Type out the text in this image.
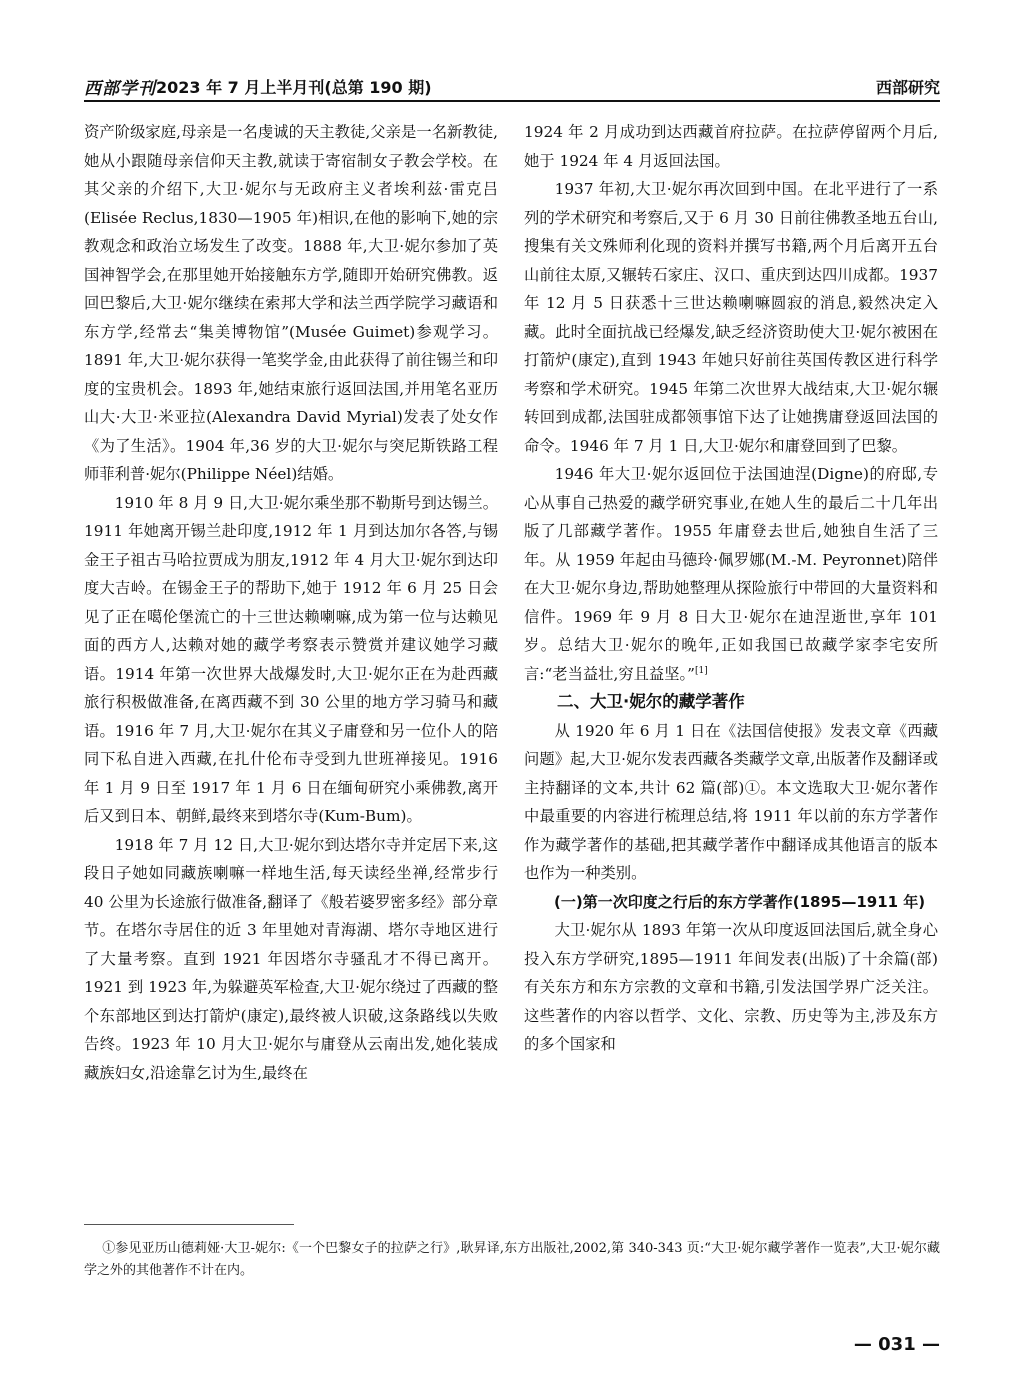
西部学刊 2023 年 7 月上半月刊(总第 190 期)	西部研究

资产阶级家庭,母亲是一名虔诚的天主教徒,父亲是一名新教徒,她从小跟随母亲信仰天主教,就读于寄宿制女子教会学校。在其父亲的介绍下,大卫·妮尔与无政府主义者埃利兹·雷克吕(Elisée Reclus,1830—1905 年)相识,在他的影响下,她的宗教观念和政治立场发生了改变。1888 年,大卫·妮尔参加了英国神智学会,在那里她开始接触东方学,随即开始研究佛教。返回巴黎后,大卫·妮尔继续在索邦大学和法兰西学院学习藏语和东方学,经常去“集美博物馆”(Musée Guimet)参观学习。1891 年,大卫·妮尔获得一笔奖学金,由此获得了前往锡兰和印度的宝贵机会。1893 年,她结束旅行返回法国,并用笔名亚历山大·大卫·米亚拉(Alexandra David Myrial)发表了处女作《为了生活》。1904 年,36 岁的大卫·妮尔与突尼斯铁路工程师菲利普·妮尔(Philippe Néel)结婚。

1910 年 8 月 9 日,大卫·妮尔乘坐那不勒斯号到达锡兰。1911 年她离开锡兰赴印度,1912 年 1 月到达加尔各答,与锡金王子祖古马哈拉贾成为朋友,1912 年 4 月大卫·妮尔到达印度大吉岭。在锡金王子的帮助下,她于 1912 年 6 月 25 日会见了正在噶伦堡流亡的十三世达赖喇嘛,成为第一位与达赖见面的西方人,达赖对她的藏学考察表示赞赏并建议她学习藏语。1914 年第一次世界大战爆发时,大卫·妮尔正在为赴西藏旅行积极做准备,在离西藏不到 30 公里的地方学习骑马和藏语。1916 年 7 月,大卫·妮尔在其义子庸登和另一位仆人的陪同下私自进入西藏,在扎什伦布寺受到九世班禅接见。1916 年 1 月 9 日至 1917 年 1 月 6 日在缅甸研究小乘佛教,离开后又到日本、朝鲜,最终来到塔尔寺(Kum-Bum)。

1918 年 7 月 12 日,大卫·妮尔到达塔尔寺并定居下来,这段日子她如同藏族喇嘛一样地生活,每天读经坐禅,经常步行 40 公里为长途旅行做准备,翻译了《般若婆罗密多经》部分章节。在塔尔寺居住的近 3 年里她对青海湖、塔尔寺地区进行了大量考察。直到 1921 年因塔尔寺骚乱才不得已离开。1921 到 1923 年,为躲避英军检查,大卫·妮尔绕过了西藏的整个东部地区到达打箭炉(康定),最终被人识破,这条路线以失败告终。1923 年 10 月大卫·妮尔与庸登从云南出发,她化装成藏族妇女,沿途靠乞讨为生,最终在

1924 年 2 月成功到达西藏首府拉萨。在拉萨停留两个月后,她于 1924 年 4 月返回法国。

1937 年初,大卫·妮尔再次回到中国。在北平进行了一系列的学术研究和考察后,又于 6 月 30 日前往佛教圣地五台山,搜集有关文殊师利化现的资料并撰写书籍,两个月后离开五台山前往太原,又辗转石家庄、汉口、重庆到达四川成都。1937 年 12 月 5 日获悉十三世达赖喇嘛圆寂的消息,毅然决定入藏。此时全面抗战已经爆发,缺乏经济资助使大卫·妮尔被困在打箭炉(康定),直到 1943 年她只好前往英国传教区进行科学考察和学术研究。1945 年第二次世界大战结束,大卫·妮尔辗转回到成都,法国驻成都领事馆下达了让她携庸登返回法国的命令。1946 年 7 月 1 日,大卫·妮尔和庸登回到了巴黎。

1946 年大卫·妮尔返回位于法国迪涅(Digne)的府邸,专心从事自己热爱的藏学研究事业,在她人生的最后二十几年出版了几部藏学著作。1955 年庸登去世后,她独自生活了三年。从 1959 年起由马德玲·佩罗娜(M.-M. Peyronnet)陪伴在大卫·妮尔身边,帮助她整理从探险旅行中带回的大量资料和信件。1969 年 9 月 8 日大卫·妮尔在迪涅逝世,享年 101 岁。总结大卫·妮尔的晚年,正如我国已故藏学家李宅安所言:“老当益壮,穷且益坚。”[1]

二、大卫·妮尔的藏学著作

从 1920 年 6 月 1 日在《法国信使报》发表文章《西藏问题》起,大卫·妮尔发表西藏各类藏学文章,出版著作及翻译或主持翻译的文本,共计 62 篇(部)①。本文选取大卫·妮尔著作中最重要的内容进行梳理总结,将 1911 年以前的东方学著作作为藏学著作的基础,把其藏学著作中翻译成其他语言的版本也作为一种类别。

(一)第一次印度之行后的东方学著作(1895—1911 年)

大卫·妮尔从 1893 年第一次从印度返回法国后,就全身心投入东方学研究,1895—1911 年间发表(出版)了十余篇(部)有关东方和东方宗教的文章和书籍,引发法国学界广泛关注。这些著作的内容以哲学、文化、宗教、历史等为主,涉及东方的多个国家和

①参见亚历山德莉娅·大卫-妮尔:《一个巴黎女子的拉萨之行》,耿昇译,东方出版社,2002,第 340-343 页:“大卫·妮尔藏学著作一览表”,大卫·妮尔藏学之外的其他著作不计在内。
— 031 —
